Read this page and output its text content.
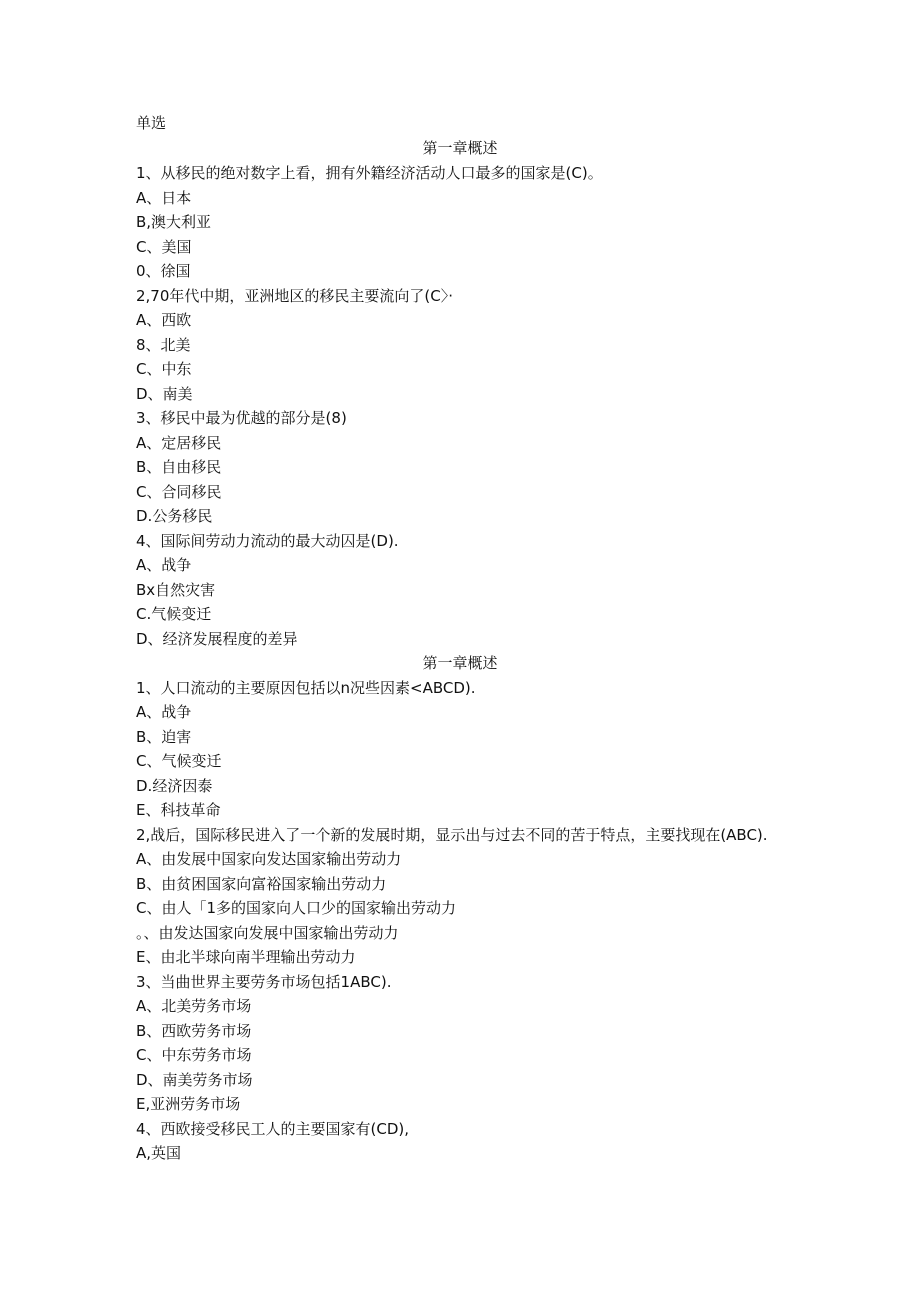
单选
第一章概述
1、从移民的绝对数字上看，拥有外籍经济活动人口最多的国家是(C)。
A、日本
B,澳大利亚
C、美国
0、徐国
2,70年代中期，亚洲地区的移民主要流向了(C〉·
A、西欧
8、北美
C、中东
D、南美
3、移民中最为优越的部分是(8)
A、定居移民
B、自由移民
C、合同移民
D.公务移民
4、国际间劳动力流动的最大动囚是(D).
A、战争
Bx自然灾害
C.气候变迁
D、经济发展程度的差异
第一章概述
1、人口流动的主要原因包括以n况些因素<ABCD).
A、战争
B、迫害
C、气候变迁
D.经济因泰
E、科技革命
2,战后，国际移民进入了一个新的发展时期，显示出与过去不同的苦于特点，主要找现在(ABC).
A、由发展中国家向发达国家输出劳动力
B、由贫困国家向富裕国家输出劳动力
C、由人「1多的国家向人口少的国家输出劳动力
。、由发达国家向发展中国家输出劳动力
E、由北半球向南半理输出劳动力
3、当曲世界主要劳务市场包括1ABC).
A、北美劳务市场
B、西欧劳务市场
C、中东劳务市场
D、南美劳务市场
E,亚洲劳务市场
4、西欧接受移民工人的主要国家有(CD),
A,英国
